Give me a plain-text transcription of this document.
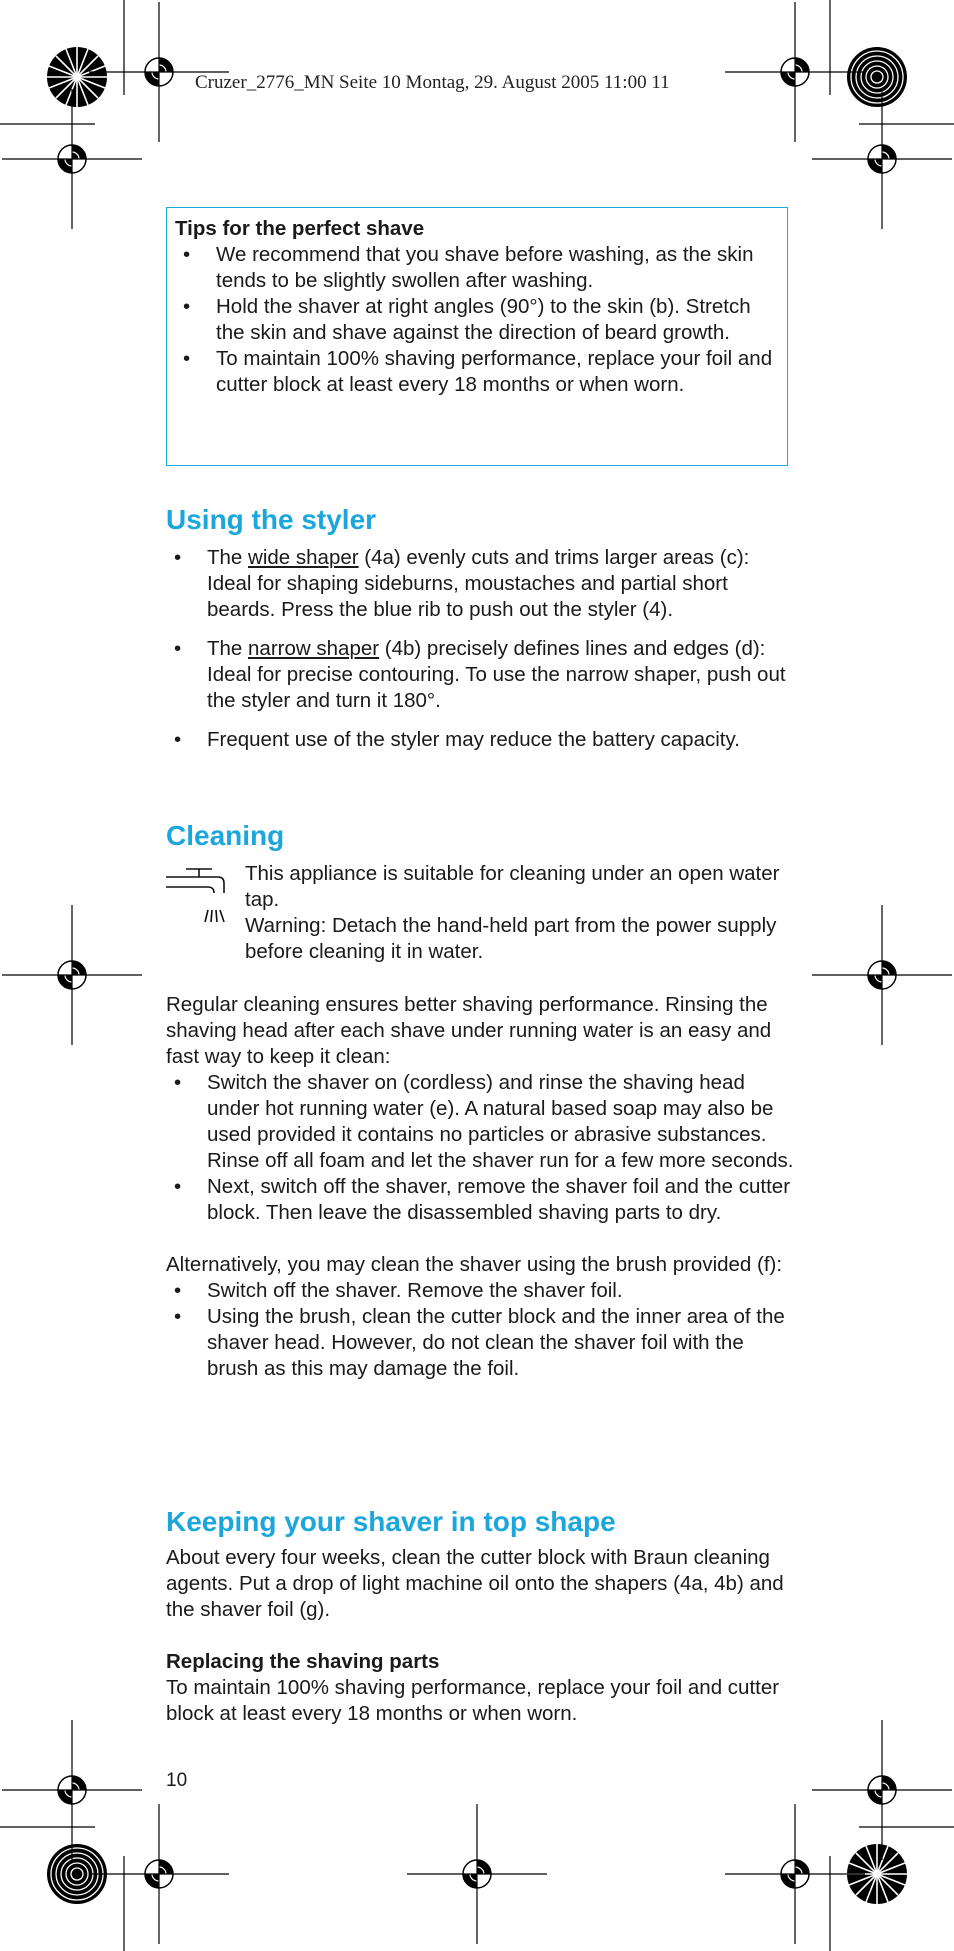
Cruzer_2776_MN Seite 10 Montag, 29. August 2005 11:00 11
Tips for the perfect shave
• We recommend that you shave before washing, as the skin tends to be slightly swollen after washing.
• Hold the shaver at right angles (90°) to the skin (b). Stretch the skin and shave against the direction of beard growth.
• To maintain 100% shaving performance, replace your foil and cutter block at least every 18 months or when worn.
Using the styler
• The wide shaper (4a) evenly cuts and trims larger areas (c): Ideal for shaping sideburns, moustaches and partial short beards. Press the blue rib to push out the styler (4).
• The narrow shaper (4b) precisely defines lines and edges (d): Ideal for precise contouring. To use the narrow shaper, push out the styler and turn it 180°.
• Frequent use of the styler may reduce the battery capacity.
Cleaning
This appliance is suitable for cleaning under an open water tap.
Warning: Detach the hand-held part from the power supply before cleaning it in water.
Regular cleaning ensures better shaving performance. Rinsing the shaving head after each shave under running water is an easy and fast way to keep it clean:
• Switch the shaver on (cordless) and rinse the shaving head under hot running water (e). A natural based soap may also be used provided it contains no particles or abrasive substances. Rinse off all foam and let the shaver run for a few more seconds.
• Next, switch off the shaver, remove the shaver foil and the cutter block. Then leave the disassembled shaving parts to dry.
Alternatively, you may clean the shaver using the brush provided (f):
• Switch off the shaver. Remove the shaver foil.
• Using the brush, clean the cutter block and the inner area of the shaver head. However, do not clean the shaver foil with the brush as this may damage the foil.
Keeping your shaver in top shape
About every four weeks, clean the cutter block with Braun cleaning agents. Put a drop of light machine oil onto the shapers (4a, 4b) and the shaver foil (g).
Replacing the shaving parts
To maintain 100% shaving performance, replace your foil and cutter block at least every 18 months or when worn.
10
